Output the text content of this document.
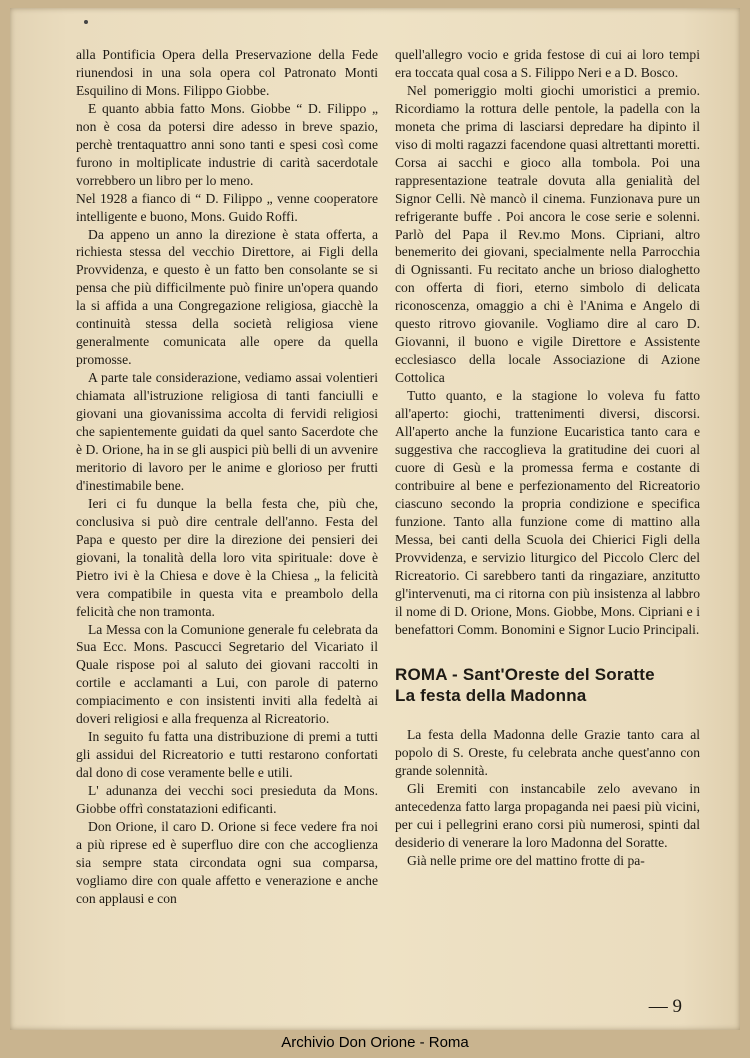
alla Pontificia Opera della Preservazione della Fede riunendosi in una sola opera col Patronato Monti Esquilino di Mons. Filippo Giobbe.

E quanto abbia fatto Mons. Giobbe “ D. Filippo „ non è cosa da potersi dire adesso in breve spazio, perchè trentaquattro anni sono tanti e spesi così come furono in moltiplicate industrie di carità sacerdotale vorrebbero un libro per lo meno.

Nel 1928 a fianco di “ D. Filippo „ venne cooperatore intelligente e buono, Mons. Guido Roffi.

Da appeno un anno la direzione è stata offerta, a richiesta stessa del vecchio Direttore, ai Figli della Provvidenza, e questo è un fatto ben consolante se si pensa che più difficilmente può finire un'opera quando la si affida a una Congregazione religiosa, giacchè la continuità stessa della società religiosa viene generalmente comunicata alle opere da quella promosse.

A parte tale considerazione, vediamo assai volentieri chiamata all'istruzione religiosa di tanti fanciulli e giovani una giovanissima accolta di fervidi religiosi che sapientemente guidati da quel santo Sacerdote che è D. Orione, ha in se gli auspici più belli di un avvenire meritorio di lavoro per le anime e glorioso per frutti d'inestimabile bene.

Ieri ci fu dunque la bella festa che, più che, conclusiva si può dire centrale dell'anno. Festa del Papa e questo per dire la direzione dei pensieri dei giovani, la tonalità della loro vita spirituale: dove è Pietro ivi è la Chiesa e dove è la Chiesa „ la felicità vera compatibile in questa vita e preambolo della felicità che non tramonta.

La Messa con la Comunione generale fu celebrata da Sua Ecc. Mons. Pascucci Segretario del Vicariato il Quale rispose poi al saluto dei giovani raccolti in cortile e acclamanti a Lui, con parole di paterno compiacimento e con insistenti inviti alla fedeltà ai doveri religiosi e alla frequenza al Ricreatorio.

In seguito fu fatta una distribuzione di premi a tutti gli assidui del Ricreatorio e tutti restarono confortati dal dono di cose veramente belle e utili.

L' adunanza dei vecchi soci presieduta da Mons. Giobbe offrì constatazioni edificanti.

Don Orione, il caro D. Orione si fece vedere fra noi a più riprese ed è superfluo dire con che accoglienza sia sempre stata circondata ogni sua comparsa, vogliamo dire con quale affetto e venerazione e anche con applausi e con

quell'allegro vocio e grida festose di cui ai loro tempi era toccata qual cosa a S. Filippo Neri e a D. Bosco.

Nel pomeriggio molti giochi umoristici a premio. Ricordiamo la rottura delle pentole, la padella con la moneta che prima di lasciarsi depredare ha dipinto il viso di molti ragazzi facendone quasi altrettanti moretti. Corsa ai sacchi e gioco alla tombola. Poi una rappresentazione teatrale dovuta alla genialità del Signor Celli. Nè mancò il cinema. Funzionava pure un refrigerante buffe . Poi ancora le cose serie e solenni. Parlò del Papa il Rev.mo Mons. Cipriani, altro benemerito dei giovani, specialmente nella Parrocchia di Ognissanti. Fu recitato anche un brioso dialoghetto con offerta di fiori, eterno simbolo di delicata riconoscenza, omaggio a chi è l'Anima e Angelo di questo ritrovo giovanile. Vogliamo dire al caro D. Giovanni, il buono e vigile Direttore e Assistente ecclesiasco della locale Associazione di Azione Cottolica

Tutto quanto, e la stagione lo voleva fu fatto all'aperto: giochi, trattenimenti diversi, discorsi. All'aperto anche la funzione Eucaristica tanto cara e suggestiva che raccoglieva la gratitudine dei cuori al cuore di Gesù e la promessa ferma e costante di contribuire al bene e perfezionamento del Ricreatorio ciascuno secondo la propria condizione e specifica funzione. Tanto alla funzione come di mattino alla Messa, bei canti della Scuola dei Chierici Figli della Provvidenza, e servizio liturgico del Piccolo Clerc del Ricreatorio. Ci sarebbero tanti da ringaziare, anzitutto gl'intervenuti, ma ci ritorna con più insistenza al labbro il nome di D. Orione, Mons. Giobbe, Mons. Cipriani e i benefattori Comm. Bonomini e Signor Lucio Principali.

ROMA - Sant'Oreste del Soratte
La festa della Madonna

La festa della Madonna delle Grazie tanto cara al popolo di S. Oreste, fu celebrata anche quest'anno con grande solennità.

Gli Eremiti con instancabile zelo avevano in antecedenza fatto larga propaganda nei paesi più vicini, per cui i pellegrini erano corsi più numerosi, spinti dal desiderio di venerare la loro Madonna del Soratte.

Già nelle prime ore del mattino frotte di pa-

— 9
Archivio Don Orione - Roma
